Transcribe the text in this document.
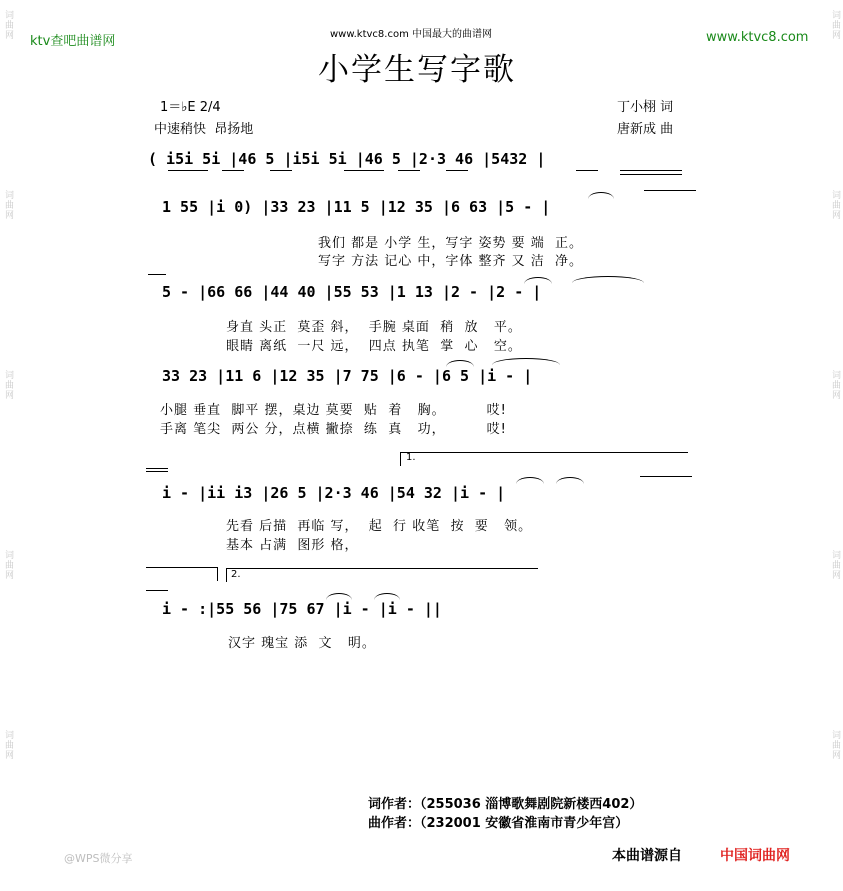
词曲网
词曲网
词曲网
词曲网
词曲网
词曲网
词曲网
词曲网
词曲网
词曲网
ktv查吧曲谱网	www.ktvc8.com 中国最大的曲谱网	www.ktvc8.com
小学生写字歌
1＝♭E 2/4
中速稍快  昂扬地
丁小栩 词
唐新成 曲
( i5i 5i |46 5 |i5i 5i |46 5 |2·3 46 |5432 |
1 55 |i 0) |33 23 |11 5 |12 35 |6 63 |5 - |
我们 都是 小学 生，写字 姿势 要 端  正。
写字 方法 记心 中，字体 整齐 又 洁  净。
5 - |66 66 |44 40 |55 53 |1 13 |2 - |2 - |
身直 头正  莫歪 斜，  手腕 桌面  稍  放   平。
眼睛 离纸  一尺 远，  四点 执笔  掌  心   空。
33 23 |11 6 |12 35 |7 75 |6 - |6 5 |i - |
小腿 垂直  脚平 摆，桌边 莫要  贴  着   胸。        哎!
手离 笔尖  两公 分，点横 撇捺  练  真   功，        哎!
1.
i - |ii i3 |26 5 |2·3 46 |54 32 |i - |
先看 后描  再临 写，  起  行 收笔  按  要   领。
基本 占满  图形 格，
2.
i - :|55 56 |75 67 |i - |i - ||
汉字 瑰宝 添  文   明。
词作者：（255036 淄博歌舞剧院新楼西402）
曲作者：（232001 安徽省淮南市青少年宫）
@WPS微分享	本曲谱源自	中国词曲网
